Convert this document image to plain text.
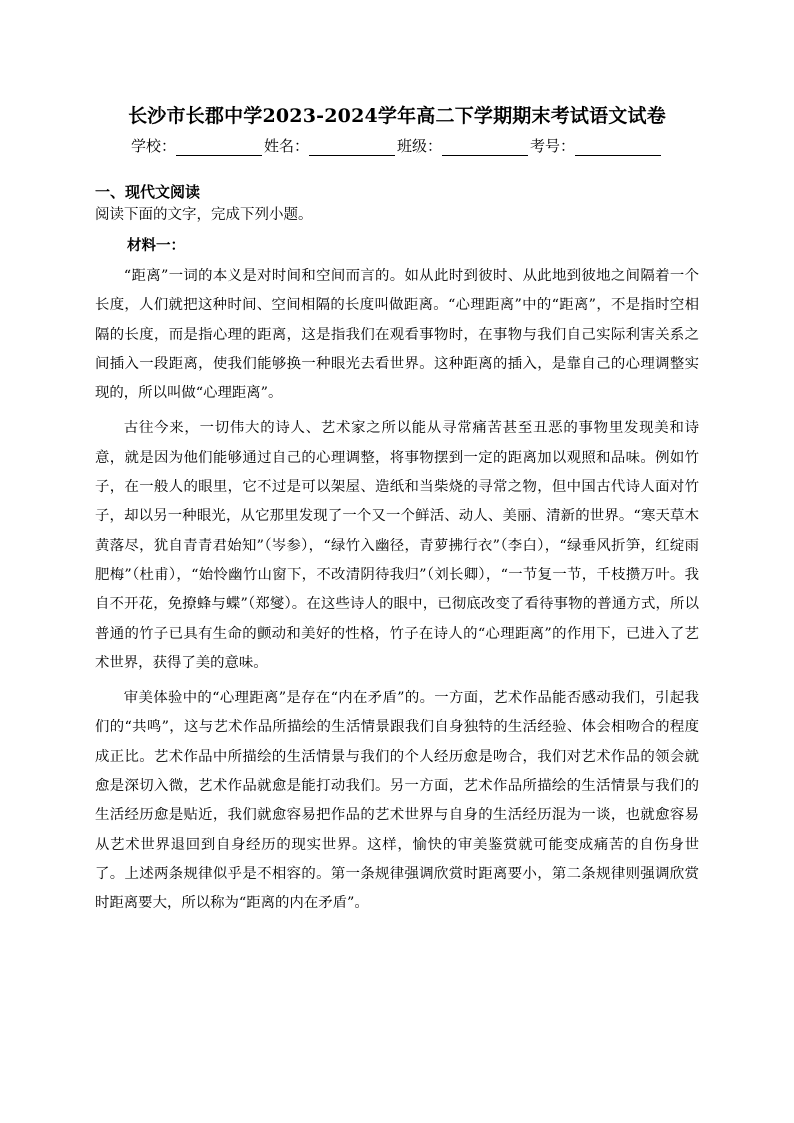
长沙市长郡中学2023-2024学年高二下学期期末考试语文试卷
学校：	姓名：	班级：	考号：
一、现代文阅读
阅读下面的文字，完成下列小题。
材料一：

“距离”一词的本义是对时间和空间而言的。如从此时到彼时、从此地到彼地之间隔着一个长度，人们就把这种时间、空间相隔的长度叫做距离。“心理距离”中的“距离”，不是指时空相隔的长度，而是指心理的距离，这是指我们在观看事物时，在事物与我们自己实际利害关系之间插入一段距离，使我们能够换一种眼光去看世界。这种距离的插入，是靠自己的心理调整实现的，所以叫做“心理距离”。

古往今来，一切伟大的诗人、艺术家之所以能从寻常痛苦甚至丑恶的事物里发现美和诗意，就是因为他们能够通过自己的心理调整，将事物摆到一定的距离加以观照和品味。例如竹子，在一般人的眼里，它不过是可以架屋、造纸和当柴烧的寻常之物，但中国古代诗人面对竹子，却以另一种眼光，从它那里发现了一个又一个鲜活、动人、美丽、清新的世界。“寒天草木黄落尽，犹自青青君始知”（岑参），“绿竹入幽径，青萝拂行衣”（李白），“绿垂风折笋，红绽雨肥梅”（杜甫），“始怜幽竹山窗下，不改清阴待我归”（刘长卿），“一节复一节，千枝攒万叶。我自不开花，免撩蜂与蝶”（郑燮）。在这些诗人的眼中，已彻底改变了看待事物的普通方式，所以普通的竹子已具有生命的颤动和美好的性格，竹子在诗人的“心理距离”的作用下，已进入了艺术世界，获得了美的意味。

审美体验中的“心理距离”是存在“内在矛盾”的。一方面，艺术作品能否感动我们，引起我们的“共鸣”，这与艺术作品所描绘的生活情景跟我们自身独特的生活经验、体会相吻合的程度成正比。艺术作品中所描绘的生活情景与我们的个人经历愈是吻合，我们对艺术作品的领会就愈是深切入微，艺术作品就愈是能打动我们。另一方面，艺术作品所描绘的生活情景与我们的生活经历愈是贴近，我们就愈容易把作品的艺术世界与自身的生活经历混为一谈，也就愈容易从艺术世界退回到自身经历的现实世界。这样，愉快的审美鉴赏就可能变成痛苦的自伤身世了。上述两条规律似乎是不相容的。第一条规律强调欣赏时距离要小，第二条规律则强调欣赏时距离要大，所以称为“距离的内在矛盾”。
